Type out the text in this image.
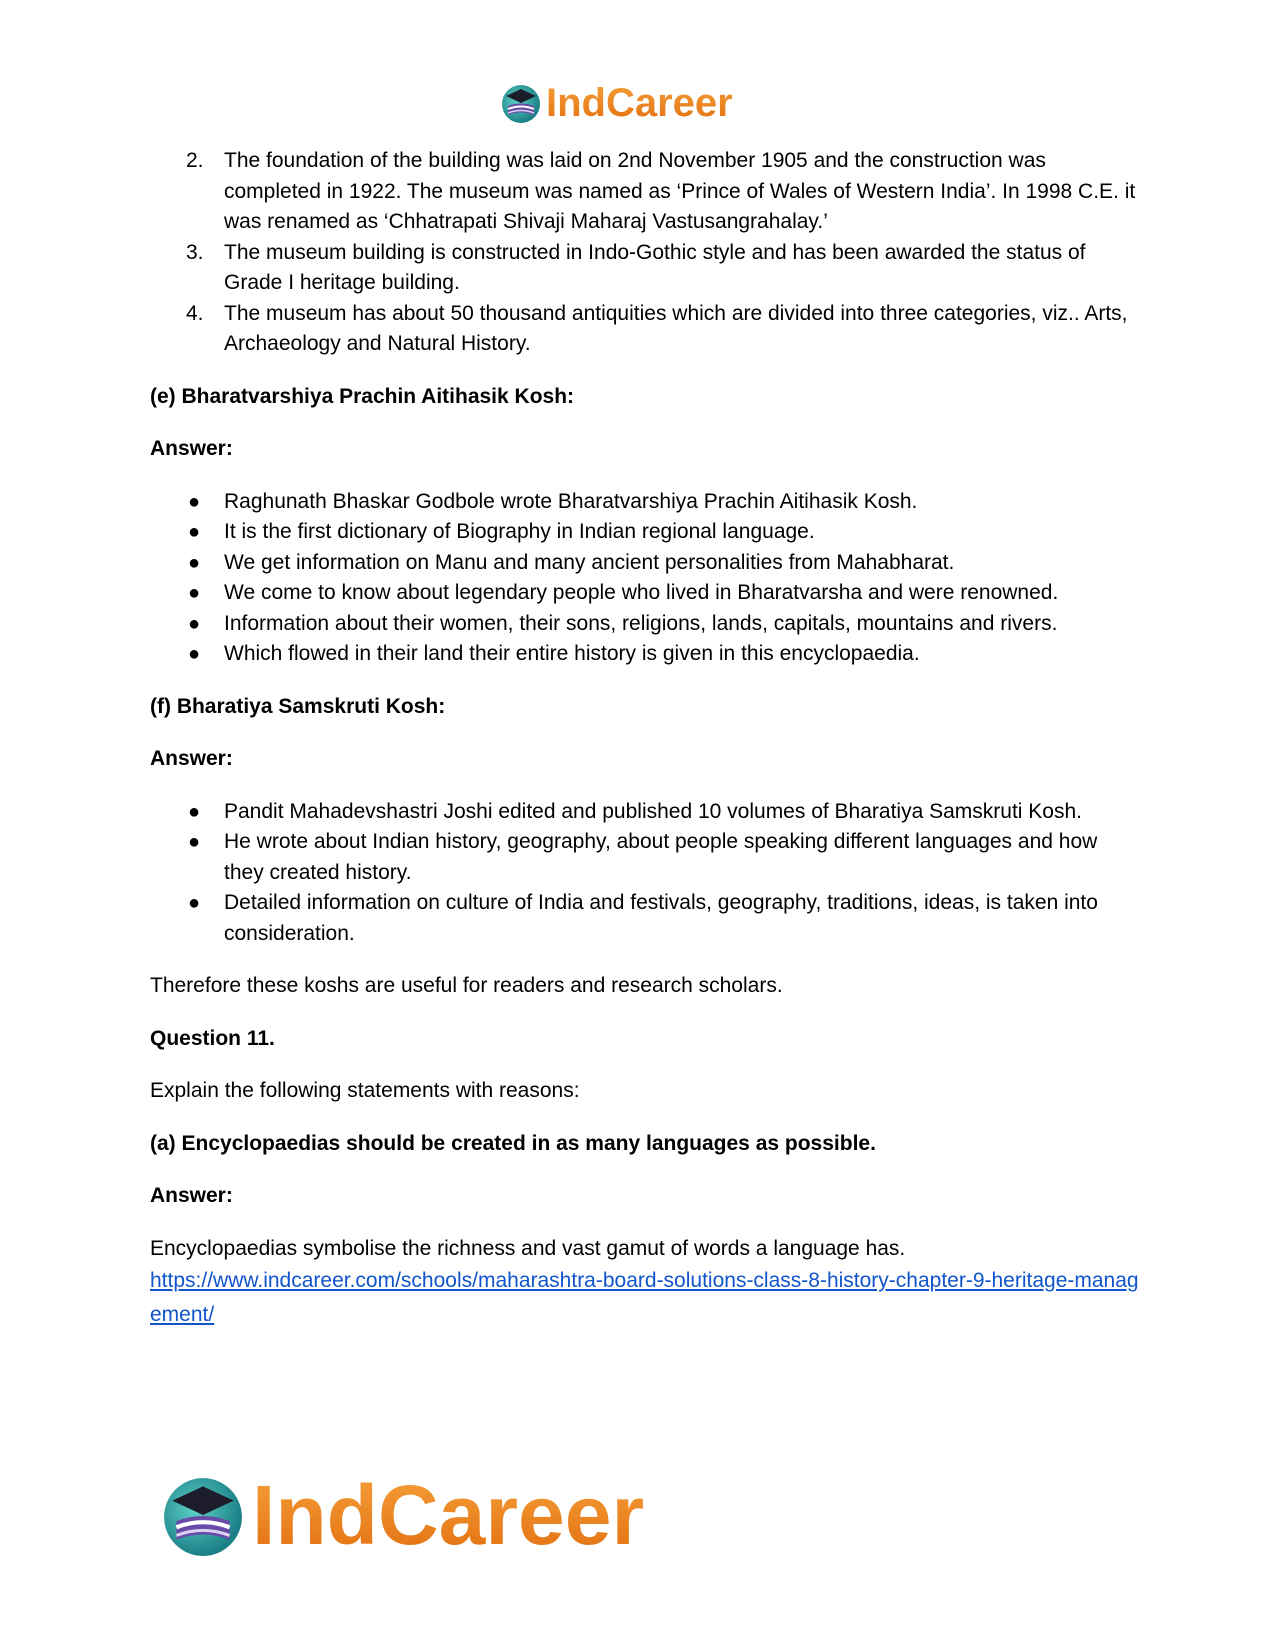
IndCareer
2. The foundation of the building was laid on 2nd November 1905 and the construction was completed in 1922. The museum was named as ‘Prince of Wales of Western India’. In 1998 C.E. it was renamed as ‘Chhatrapati Shivaji Maharaj Vastusangrahalay.’
3. The museum building is constructed in Indo-Gothic style and has been awarded the status of Grade I heritage building.
4. The museum has about 50 thousand antiquities which are divided into three categories, viz.. Arts, Archaeology and Natural History.
(e) Bharatvarshiya Prachin Aitihasik Kosh:
Answer:
● Raghunath Bhaskar Godbole wrote Bharatvarshiya Prachin Aitihasik Kosh.
● It is the first dictionary of Biography in Indian regional language.
● We get information on Manu and many ancient personalities from Mahabharat.
● We come to know about legendary people who lived in Bharatvarsha and were renowned.
● Information about their women, their sons, religions, lands, capitals, mountains and rivers.
● Which flowed in their land their entire history is given in this encyclopaedia.
(f) Bharatiya Samskruti Kosh:
Answer:
● Pandit Mahadevshastri Joshi edited and published 10 volumes of Bharatiya Samskruti Kosh.
● He wrote about Indian history, geography, about people speaking different languages and how they created history.
● Detailed information on culture of India and festivals, geography, traditions, ideas, is taken into consideration.
Therefore these koshs are useful for readers and research scholars.
Question 11.
Explain the following statements with reasons:
(a) Encyclopaedias should be created in as many languages as possible.
Answer:
Encyclopaedias symbolise the richness and vast gamut of words a language has.
https://www.indcareer.com/schools/maharashtra-board-solutions-class-8-history-chapter-9-heritage-management/
IndCareer
